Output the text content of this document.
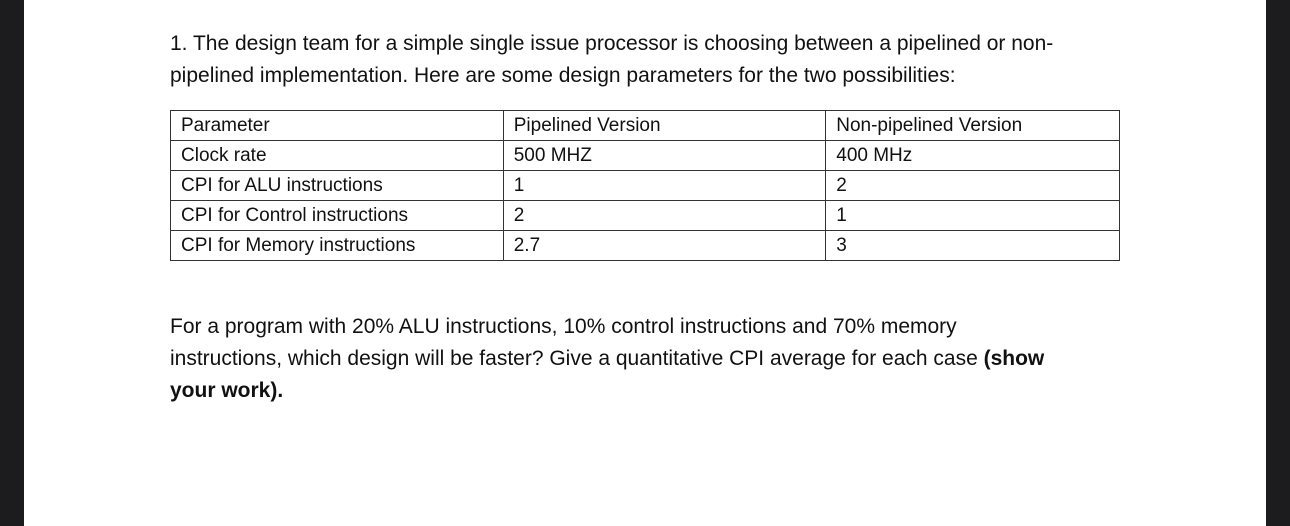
1. The design team for a simple single issue processor is choosing between a pipelined or non-
pipelined implementation. Here are some design parameters for the two possibilities:

Parameter	Pipelined Version	Non-pipelined Version
Clock rate	500 MHZ	400 MHz
CPI for ALU instructions	1	2
CPI for Control instructions	2	1
CPI for Memory instructions	2.7	3

For a program with 20% ALU instructions, 10% control instructions and 70% memory
instructions, which design will be faster? Give a quantitative CPI average for each case (show
your work).
